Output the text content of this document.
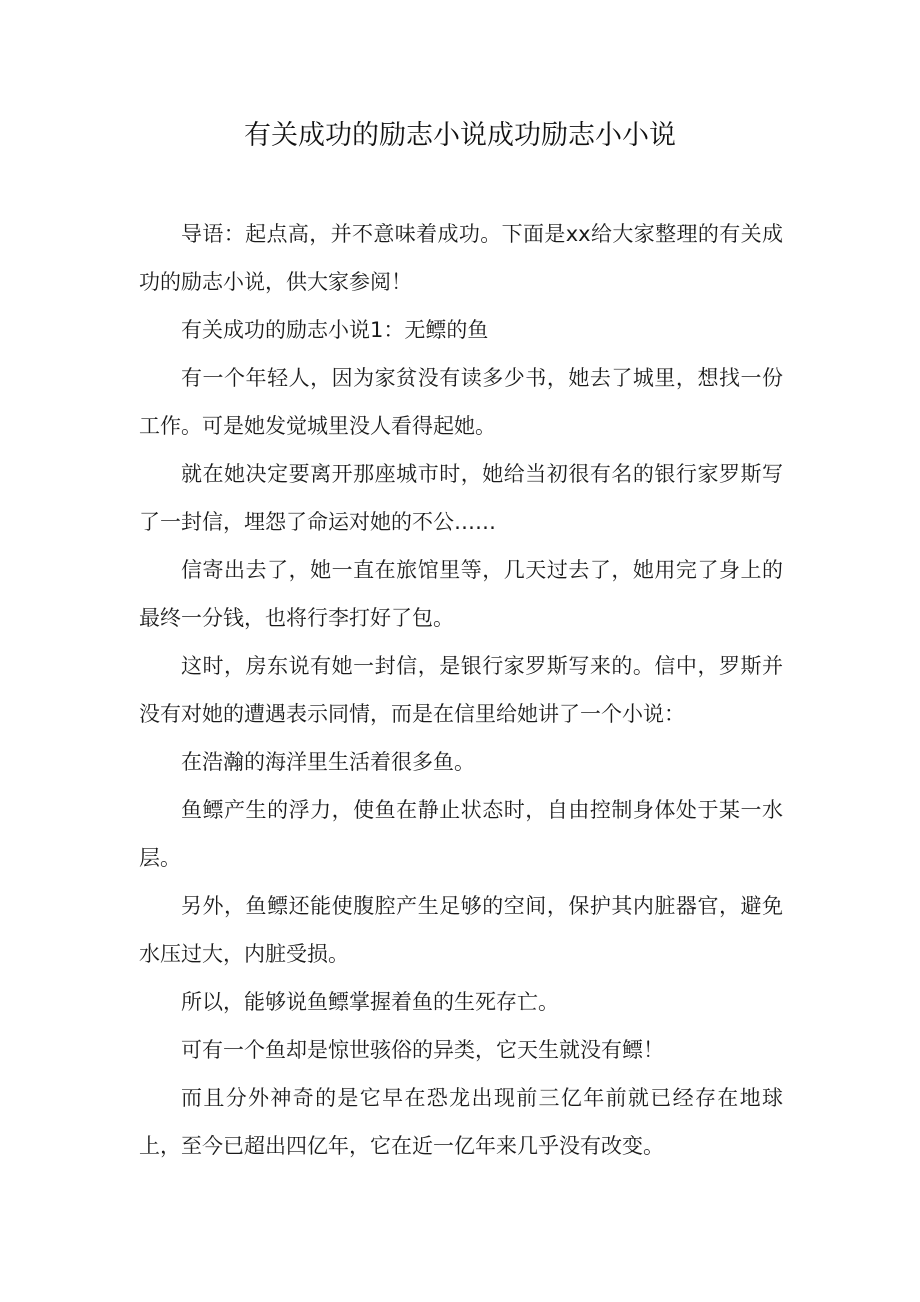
有关成功的励志小说成功励志小小说

导语：起点高，并不意味着成功。下面是xx给大家整理的有关成功的励志小说，供大家参阅！

有关成功的励志小说1：无鳔的鱼

有一个年轻人，因为家贫没有读多少书，她去了城里，想找一份工作。可是她发觉城里没人看得起她。

就在她决定要离开那座城市时，她给当初很有名的银行家罗斯写了一封信，埋怨了命运对她的不公……

信寄出去了，她一直在旅馆里等，几天过去了，她用完了身上的最终一分钱，也将行李打好了包。

这时，房东说有她一封信，是银行家罗斯写来的。信中，罗斯并没有对她的遭遇表示同情，而是在信里给她讲了一个小说：

在浩瀚的海洋里生活着很多鱼。

鱼鳔产生的浮力，使鱼在静止状态时，自由控制身体处于某一水层。

另外，鱼鳔还能使腹腔产生足够的空间，保护其内脏器官，避免水压过大，内脏受损。

所以，能够说鱼鳔掌握着鱼的生死存亡。

可有一个鱼却是惊世骇俗的异类，它天生就没有鳔！

而且分外神奇的是它早在恐龙出现前三亿年前就已经存在地球上，至今已超出四亿年，它在近一亿年来几乎没有改变。
